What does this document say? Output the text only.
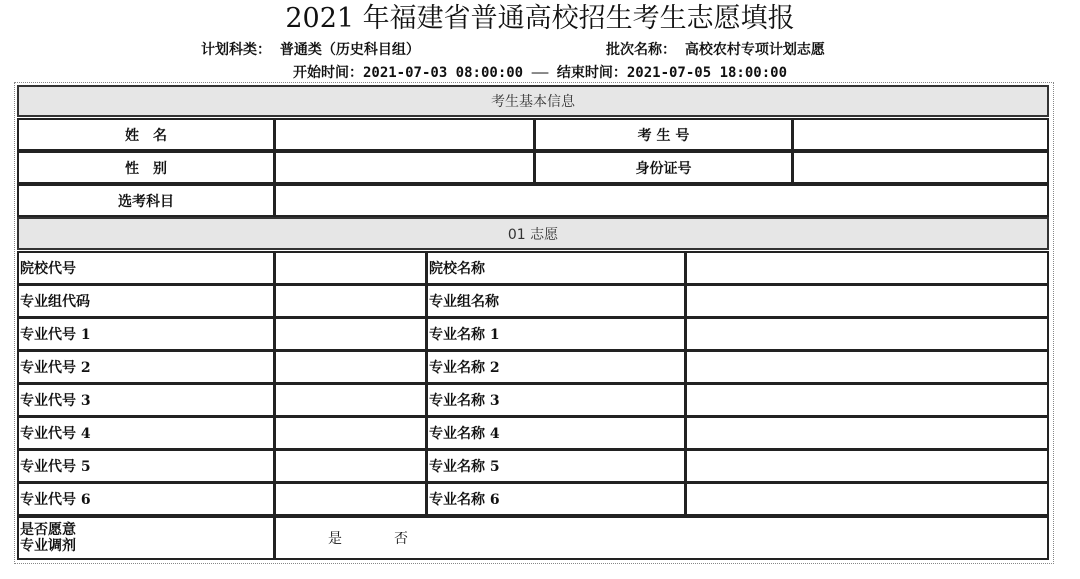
2021 年福建省普通高校招生考生志愿填报
计划科类： 普通类（历史科目组）	批次名称： 高校农村专项计划志愿
开始时间：2021-07-03 08:00:00 —— 结束时间：2021-07-05 18:00:00
考生基本信息
姓　名	考 生 号
性　别	身份证号
选考科目
01 志愿
院校代号	院校名称
专业组代码	专业组名称
专业代号 1	专业名称 1
专业代号 2	专业名称 2
专业代号 3	专业名称 3
专业代号 4	专业名称 4
专业代号 5	专业名称 5
专业代号 6	专业名称 6
是否愿意
专业调剂	是	否
